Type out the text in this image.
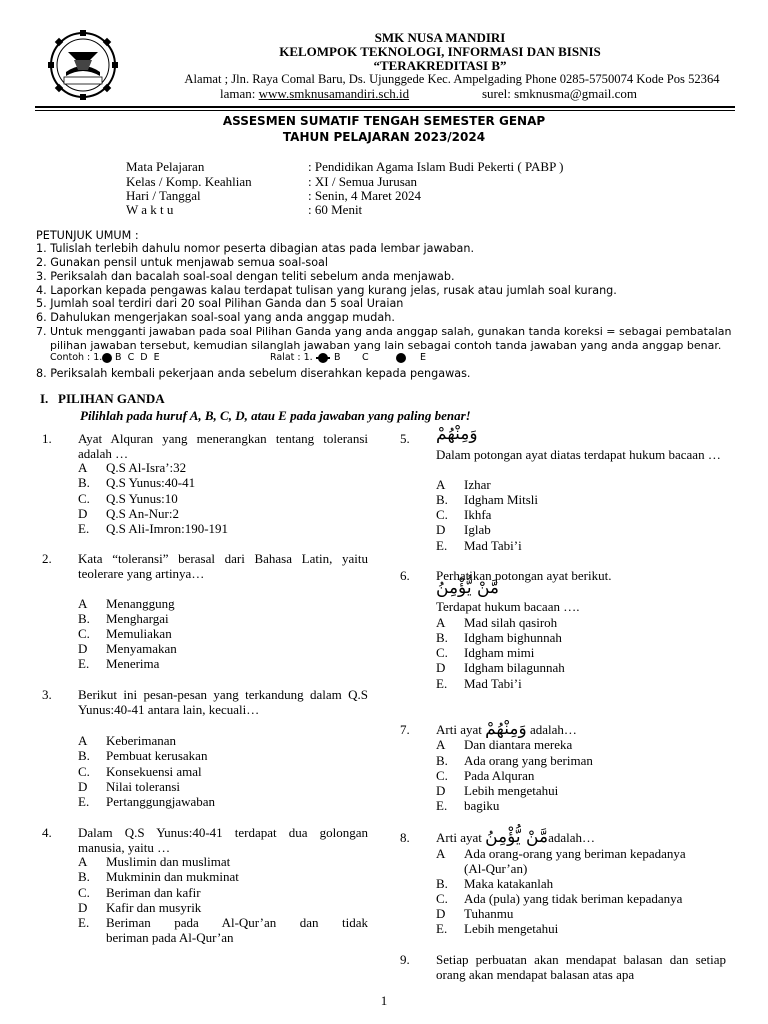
SMK NUSA MANDIRI
KELOMPOK TEKNOLOGI, INFORMASI DAN BISNIS
“TERAKREDITASI B”
Alamat ; Jln. Raya Comal Baru, Ds. Ujunggede Kec. Ampelgading Phone 0285-5750074 Kode Pos 52364
laman: www.smknusamandiri.sch.id	surel: smknusma@gmail.com
ASSESMEN SUMATIF TENGAH SEMESTER GENAP
TAHUN PELAJARAN 2023/2024
Mata Pelajaran	: Pendidikan Agama Islam Budi Pekerti ( PABP )
Kelas / Komp. Keahlian	: XI / Semua Jurusan
Hari / Tanggal	: Senin, 4 Maret 2024
W a k t u	: 60 Menit
PETUNJUK UMUM :
1. Tulislah terlebih dahulu nomor peserta dibagian atas pada lembar jawaban.
2. Gunakan pensil untuk menjawab semua soal-soal
3. Periksalah dan bacalah soal-soal dengan teliti sebelum anda menjawab.
4. Laporkan kepada pengawas kalau terdapat tulisan yang kurang jelas, rusak atau jumlah soal kurang.
5. Jumlah soal terdiri dari 20 soal Pilihan Ganda dan 5 soal Uraian
6. Dahulukan mengerjakan soal-soal yang anda anggap mudah.
7. Untuk mengganti jawaban pada soal Pilihan Ganda yang anda anggap salah, gunakan tanda koreksi = sebagai pembatalan
pilihan jawaban tersebut, kemudian silanglah jawaban yang lain sebagai contoh tanda jawaban yang anda anggap benar.
Contoh : 1. B  C  D  E	Ralat : 1. B C	E
8. Periksalah kembali pekerjaan anda sebelum diserahkan kepada pengawas.
I.   PILIHAN GANDA
Pilihlah pada huruf A, B, C, D, atau E pada jawaban yang paling benar!
1. Ayat Alquran yang menerangkan tentang toleransi adalah …
A Q.S Al-Isra’:32
B. Q.S Yunus:40-41
C. Q.S Yunus:10
D Q.S An-Nur:2
E. Q.S Ali-Imron:190-191
2. Kata “toleransi” berasal dari Bahasa Latin, yaitu teolerare yang artinya…
A Menanggung
B. Menghargai
C. Memuliakan
D Menyamakan
E. Menerima
3. Berikut ini pesan-pesan yang terkandung dalam Q.S Yunus:40-41 antara lain, kecuali…
A Keberimanan
B. Pembuat kerusakan
C. Konsekuensi amal
D Nilai toleransi
E. Pertanggungjawaban
4. Dalam Q.S Yunus:40-41 terdapat dua golongan manusia, yaitu …
A Muslimin dan muslimat
B. Mukminin dan mukminat
C. Beriman dan kafir
D Kafir dan musyrik
E. Beriman pada Al-Qur’an dan tidak
beriman pada Al-Qur’an
5. وَمِنْهُمْ
Dalam potongan ayat diatas terdapat hukum bacaan …
A Izhar
B. Idgham Mitsli
C. Ikhfa
D Iglab
E. Mad Tabi’i
6. Perhatikan potongan ayat berikut.
مَّنْ يُّؤْمِنُ
Terdapat hukum bacaan ….
A Mad silah qasiroh
B. Idgham bighunnah
C. Idgham mimi
D Idgham bilagunnah
E. Mad Tabi’i
7. Arti ayat وَمِنْهُمْ adalah…
A Dan diantara mereka
B. Ada orang yang beriman
C. Pada Alquran
D Lebih mengetahui
E. bagiku
8. Arti ayat مَّنْ يُّؤْمِنُadalah…
A Ada orang-orang yang beriman kepadanya
(Al-Qur’an)
B. Maka katakanlah
C. Ada (pula) yang tidak beriman kepadanya
D Tuhanmu
E. Lebih mengetahui
9. Setiap perbuatan akan mendapat balasan dan setiap orang akan mendapat balasan atas apa
1
